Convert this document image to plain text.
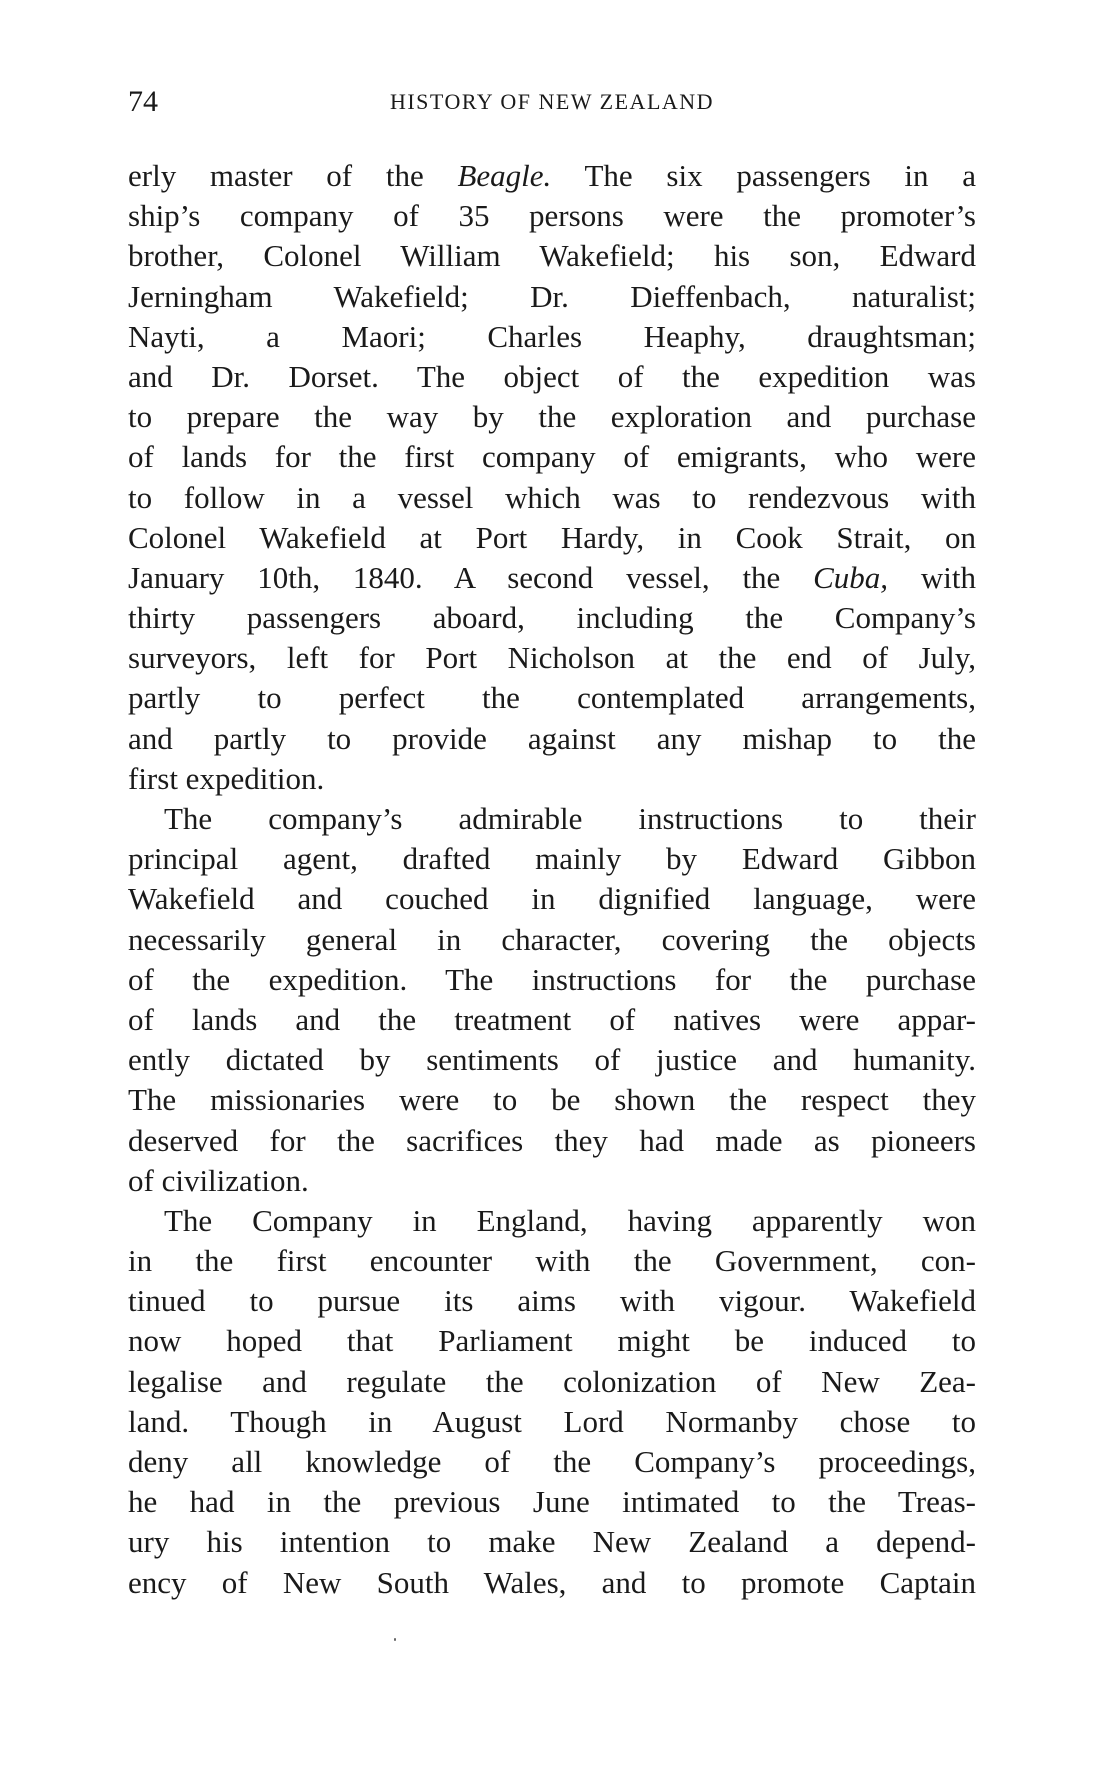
74	HISTORY OF NEW ZEALAND
erly master of the Beagle. The six passengers in a
ship’s company of 35 persons were the promoter’s
brother, Colonel William Wakefield; his son, Edward
Jerningham Wakefield; Dr. Dieffenbach, naturalist;
Nayti, a Maori; Charles Heaphy, draughtsman;
and Dr. Dorset. The object of the expedition was
to prepare the way by the exploration and purchase
of lands for the first company of emigrants, who were
to follow in a vessel which was to rendezvous with
Colonel Wakefield at Port Hardy, in Cook Strait, on
January 10th, 1840. A second vessel, the Cuba, with
thirty passengers aboard, including the Company’s
surveyors, left for Port Nicholson at the end of July,
partly to perfect the contemplated arrangements,
and partly to provide against any mishap to the
first expedition.
The company’s admirable instructions to their
principal agent, drafted mainly by Edward Gibbon
Wakefield and couched in dignified language, were
necessarily general in character, covering the objects
of the expedition. The instructions for the purchase
of lands and the treatment of natives were appar-
ently dictated by sentiments of justice and humanity.
The missionaries were to be shown the respect they
deserved for the sacrifices they had made as pioneers
of civilization.
The Company in England, having apparently won
in the first encounter with the Government, con-
tinued to pursue its aims with vigour. Wakefield
now hoped that Parliament might be induced to
legalise and regulate the colonization of New Zea-
land. Though in August Lord Normanby chose to
deny all knowledge of the Company’s proceedings,
he had in the previous June intimated to the Treas-
ury his intention to make New Zealand a depend-
ency of New South Wales, and to promote Captain
